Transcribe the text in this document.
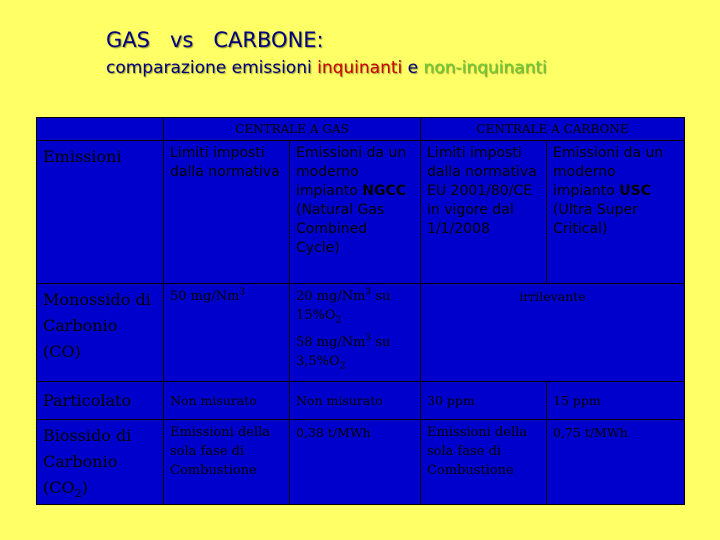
GAS   vs   CARBONE:
comparazione emissioni inquinanti e non-inquinanti
	CENTRALE A GAS		CENTRALE A CARBONE	
Emissioni	Limiti imposti dalla normativa	Emissioni da un moderno impianto NGCC (Natural Gas Combined Cycle)	Limiti imposti dalla normativa EU 2001/80/CE in vigore dal 1/1/2008	Emissioni da un moderno impianto USC (Ultra Super Critical)
Monossido di
Carbonio
(CO)	50 mg/Nm$^3$	20 mg/Nm$^3$ su
$15\%O_2$
58 mg/Nm$^3$ su
$3,5\%O_2$	irrilevante	
Particolato	Non misurato	Non misurato	30 ppm	15 ppm
Biossido di
Carbonio
$(CO_2)$	Emissioni della sola fase di Combustione	0,38 t/MWh	Emissioni della sola fase di Combustione	0,75 t/MWh
